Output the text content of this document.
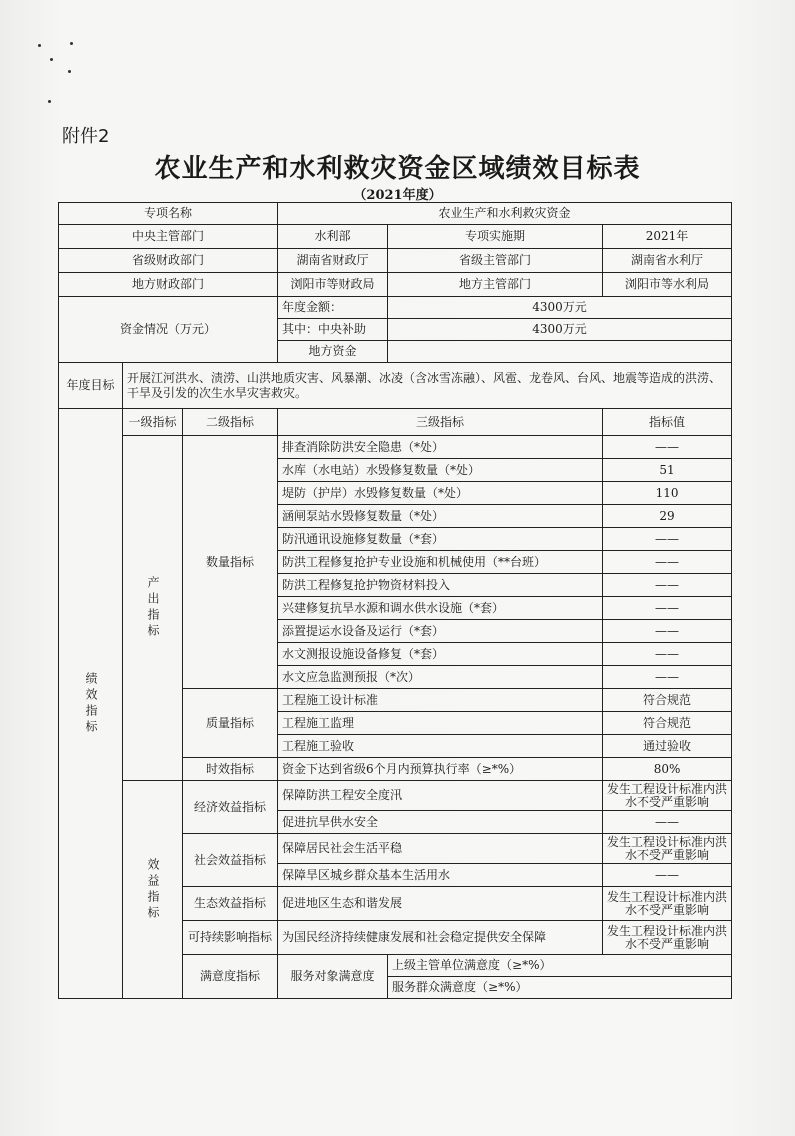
附件2
农业生产和水利救灾资金区域绩效目标表
（2021年度）
专项名称			农业生产和水利救灾资金			
中央主管部门			水利部	专项实施期	2021年	
省级财政部门			湖南省财政厅	省级主管部门	湖南省水利厅	
地方财政部门			浏阳市等财政局	地方主管部门	浏阳市等水利局	
资金情况（万元）			年度金额：	4300万元		
			其中：中央补助	4300万元		
			地方资金			
年度目标	开展江河洪水、渍涝、山洪地质灾害、风暴潮、冰凌（含冰雪冻融）、风雹、龙卷风、台风、地震等造成的洪涝、干旱及引发的次生水旱灾害救灾。					

绩效指标	一级指标	二级指标	三级指标		指标值	

	产出指标	数量指标	排查消除防洪安全隐患（*处）		——	
			水库（水电站）水毁修复数量（*处）		51	
			堤防（护岸）水毁修复数量（*处）		110	
			涵闸泵站水毁修复数量（*处）		29	
			防汛通讯设施修复数量（*套）		——	
			防洪工程修复抢护专业设施和机械使用（**台班）		——	
			防洪工程修复抢护物资材料投入		——	
			兴建修复抗旱水源和调水供水设施（*套）		——	
			添置提运水设备及运行（*套）		——	
			水文测报设施设备修复（*套）		——	
			水文应急监测预报（*次）		——	
		质量指标	工程施工设计标准		符合规范	
			工程施工监理		符合规范	
			工程施工验收		通过验收	
		时效指标	资金下达到省级6个月内预算执行率（≥*%）		80%	

	效益指标	经济效益指标	保障防洪工程安全度汛		发生工程设计标准内洪水不受严重影响	
			促进抗旱供水安全		——	
		社会效益指标	保障居民社会生活平稳		发生工程设计标准内洪水不受严重影响	
			保障旱区城乡群众基本生活用水		——	
		生态效益指标	促进地区生态和谐发展		发生工程设计标准内洪水不受严重影响	
		可持续影响指标	为国民经济持续健康发展和社会稳定提供安全保障		发生工程设计标准内洪水不受严重影响	
		满意度指标	服务对象满意度	上级主管单位满意度（≥*%）	
				服务群众满意度（≥*%）	
